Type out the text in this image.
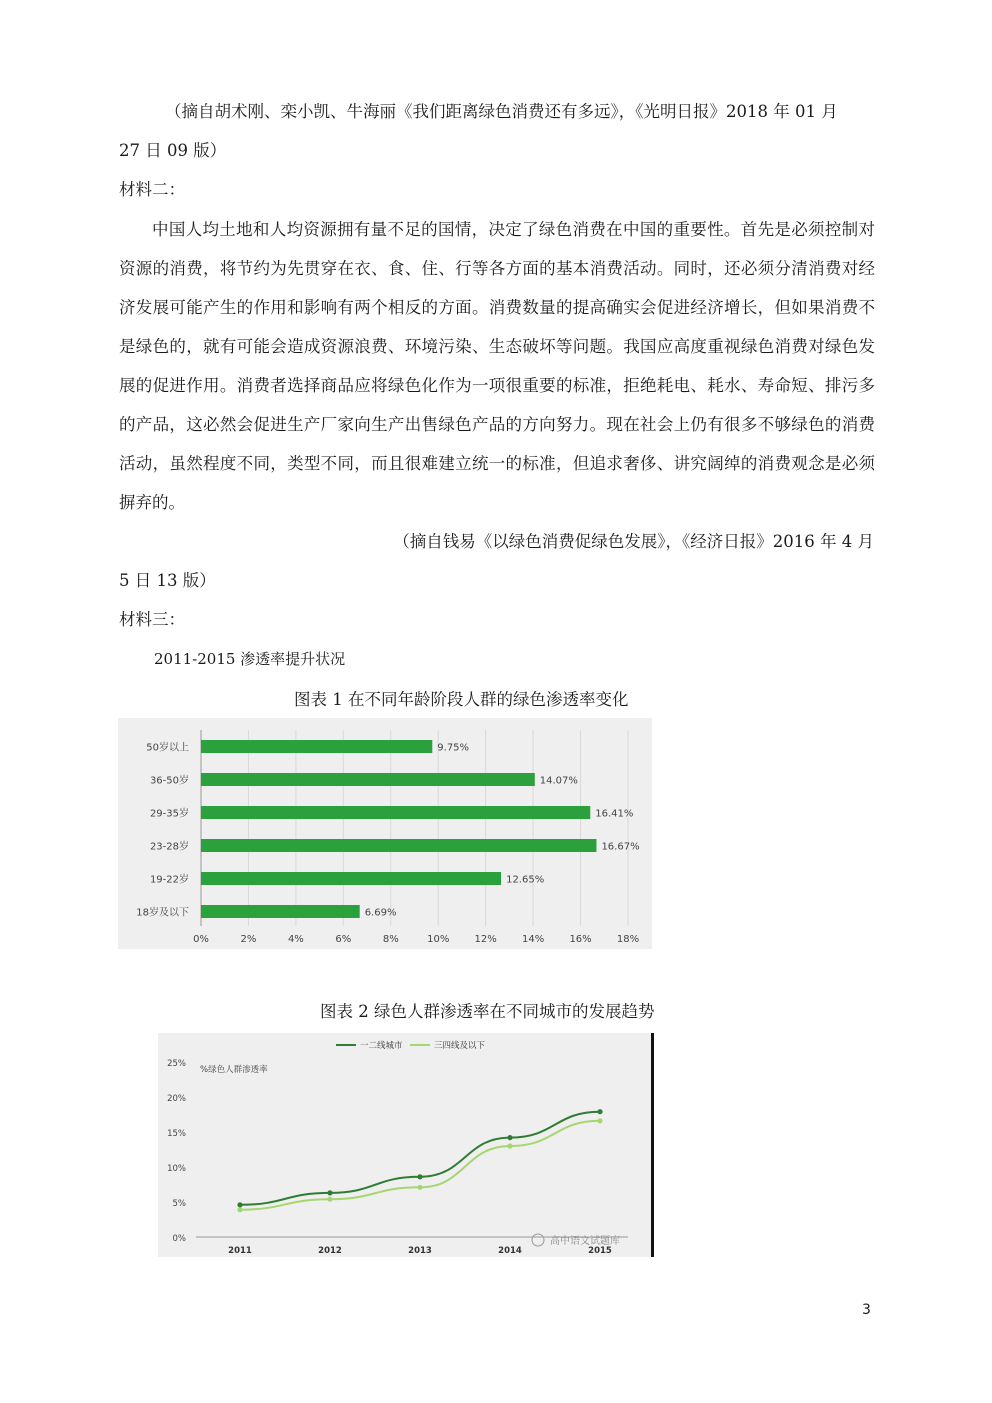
（摘自胡术刚、栾小凯、牛海丽《我们距离绿色消费还有多远》，《光明日报》2018 年 01 月
27 日 09 版）
材料二：
中国人均土地和人均资源拥有量不足的国情，决定了绿色消费在中国的重要性。首先是必须控制对资源的消费，将节约为先贯穿在衣、食、住、行等各方面的基本消费活动。同时，还必须分清消费对经济发展可能产生的作用和影响有两个相反的方面。消费数量的提高确实会促进经济增长，但如果消费不是绿色的，就有可能会造成资源浪费、环境污染、生态破坏等问题。我国应高度重视绿色消费对绿色发展的促进作用。消费者选择商品应将绿色化作为一项很重要的标准，拒绝耗电、耗水、寿命短、排污多的产品，这必然会促进生产厂家向生产出售绿色产品的方向努力。现在社会上仍有很多不够绿色的消费活动，虽然程度不同，类型不同，而且很难建立统一的标准，但追求奢侈、讲究阔绰的消费观念是必须摒弃的。
（摘自钱易《以绿色消费促绿色发展》，《经济日报》2016 年 4 月
5 日 13 版）
材料三：
2011-2015 渗透率提升状况
图表 1 在不同年龄阶段人群的绿色渗透率变化
0%	2%	4%	6%	8%	10%	12%	14%	16%	18%
50岁以上	9.75%
36-50岁	14.07%
29-35岁	16.41%
23-28岁	16.67%
19-22岁	12.65%
18岁及以下	6.69%
图表 2 绿色人群渗透率在不同城市的发展趋势
0%
5%
10%
15%
20%
25%
2011	2012	2013	2014	2015
%绿色人群渗透率
一二线城市	三四线及以下
高中语文试题库
3
